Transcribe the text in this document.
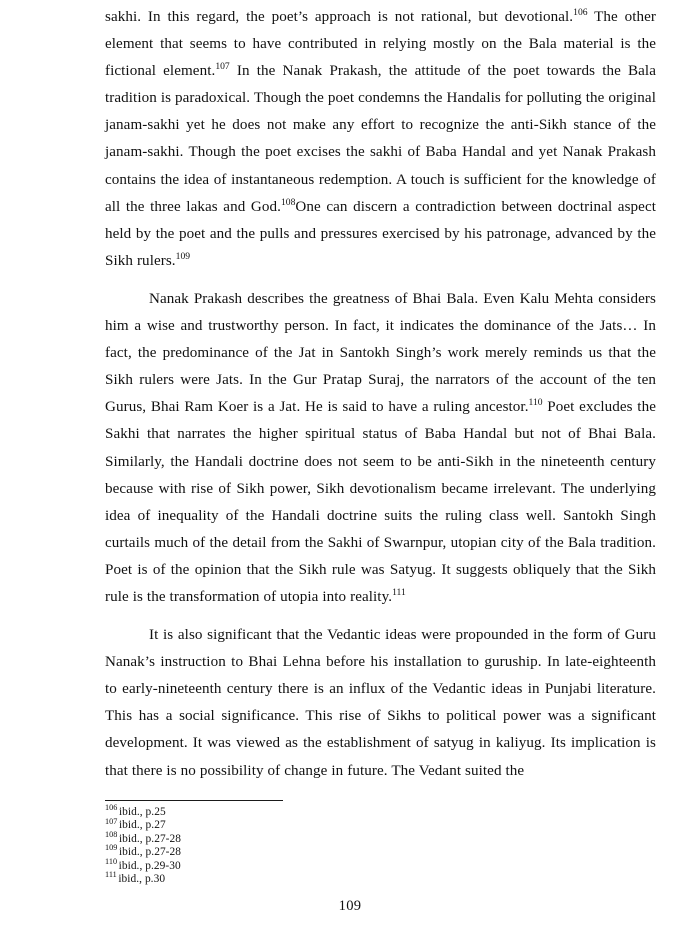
sakhi. In this regard, the poet’s approach is not rational, but devotional.$^{106}$ The other element that seems to have contributed in relying mostly on the Bala material is the fictional element.$^{107}$ In the Nanak Prakash, the attitude of the poet towards the Bala tradition is paradoxical. Though the poet condemns the Handalis for polluting the original janam-sakhi yet he does not make any effort to recognize the anti-Sikh stance of the janam-sakhi. Though the poet excises the sakhi of Baba Handal and yet Nanak Prakash contains the idea of instantaneous redemption. A touch is sufficient for the knowledge of all the three lakas and God.$^{108}$One can discern a contradiction between doctrinal aspect held by the poet and the pulls and pressures exercised by his patronage, advanced by the Sikh rulers.$^{109}$

Nanak Prakash describes the greatness of Bhai Bala. Even Kalu Mehta considers him a wise and trustworthy person. In fact, it indicates the dominance of the Jats… In fact, the predominance of the Jat in Santokh Singh’s work merely reminds us that the Sikh rulers were Jats. In the Gur Pratap Suraj, the narrators of the account of the ten Gurus, Bhai Ram Koer is a Jat. He is said to have a ruling ancestor.$^{110}$ Poet excludes the Sakhi that narrates the higher spiritual status of Baba Handal but not of Bhai Bala. Similarly, the Handali doctrine does not seem to be anti-Sikh in the nineteenth century because with rise of Sikh power, Sikh devotionalism became irrelevant. The underlying idea of inequality of the Handali doctrine suits the ruling class well. Santokh Singh curtails much of the detail from the Sakhi of Swarnpur, utopian city of the Bala tradition. Poet is of the opinion that the Sikh rule was Satyug. It suggests obliquely that the Sikh rule is the transformation of utopia into reality.$^{111}$

It is also significant that the Vedantic ideas were propounded in the form of Guru Nanak’s instruction to Bhai Lehna before his installation to guruship. In late-eighteenth to early-nineteenth century there is an influx of the Vedantic ideas in Punjabi literature. This has a social significance. This rise of Sikhs to political power was a significant development. It was viewed as the establishment of satyug in kaliyug. Its implication is that there is no possibility of change in future. The Vedant suited the

$^{106}$ ibid., p.25
$^{107}$ ibid., p.27
$^{108}$ ibid., p.27-28
$^{109}$ ibid., p.27-28
$^{110}$ ibid., p.29-30
$^{111}$ ibid., p.30
109
